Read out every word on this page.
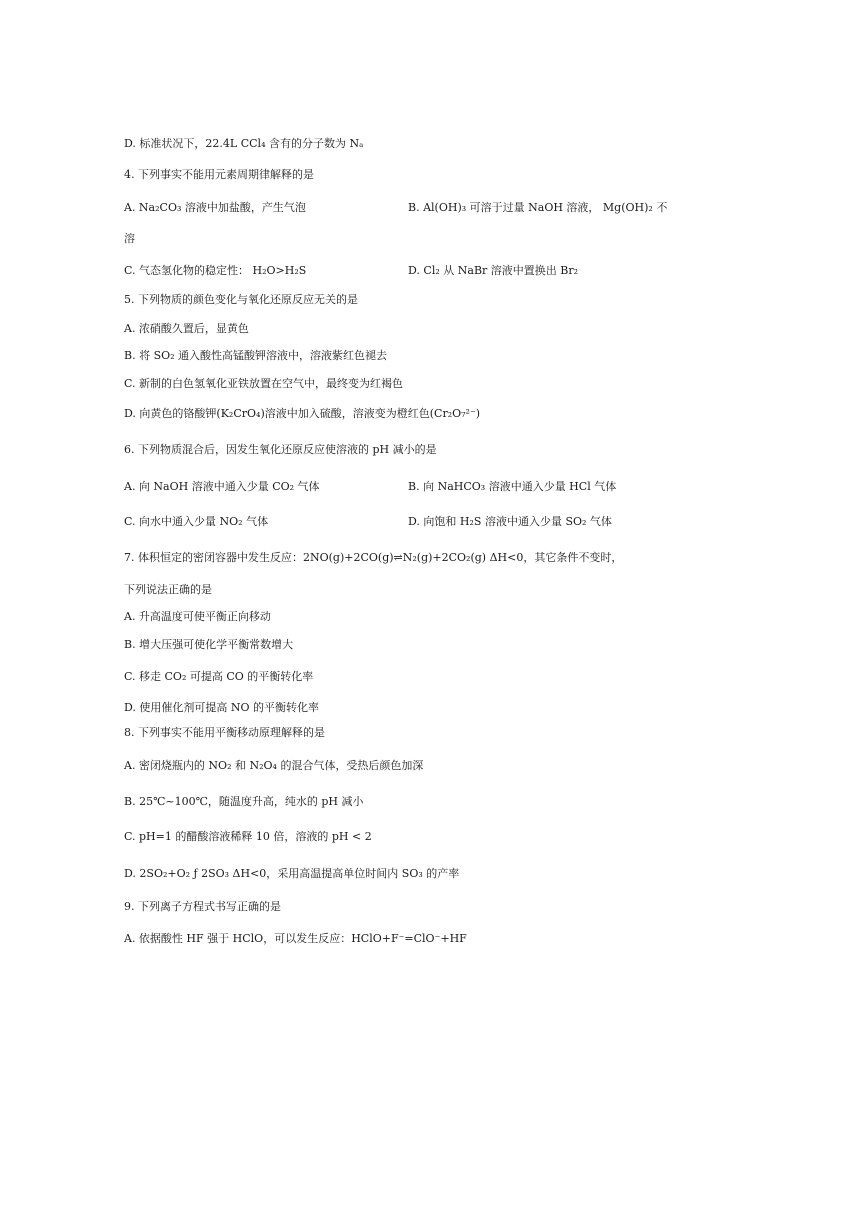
D. 标准状况下，22.4L CCl₄ 含有的分子数为 Nₐ
4. 下列事实不能用元素周期律解释的是
A. Na₂CO₃ 溶液中加盐酸，产生气泡	B. Al(OH)₃ 可溶于过量 NaOH 溶液， Mg(OH)₂ 不
溶
C. 气态氢化物的稳定性： H₂O>H₂S	D. Cl₂ 从 NaBr 溶液中置换出 Br₂
5. 下列物质的颜色变化与氧化还原反应无关的是
A. 浓硝酸久置后，显黄色
B. 将 SO₂ 通入酸性高锰酸钾溶液中，溶液紫红色褪去
C. 新制的白色氢氧化亚铁放置在空气中，最终变为红褐色
D. 向黄色的铬酸钾(K₂CrO₄)溶液中加入硫酸，溶液变为橙红色(Cr₂O₇²⁻)
6. 下列物质混合后，因发生氧化还原反应使溶液的 pH 减小的是
A. 向 NaOH 溶液中通入少量 CO₂ 气体	B. 向 NaHCO₃ 溶液中通入少量 HCl 气体
C. 向水中通入少量 NO₂ 气体	D. 向饱和 H₂S 溶液中通入少量 SO₂ 气体
7. 体积恒定的密闭容器中发生反应：2NO(g)+2CO(g)⇌N₂(g)+2CO₂(g) ΔH<0，其它条件不变时，
下列说法正确的是
A. 升高温度可使平衡正向移动
B. 增大压强可使化学平衡常数增大
C. 移走 CO₂ 可提高 CO 的平衡转化率
D. 使用催化剂可提高 NO 的平衡转化率
8. 下列事实不能用平衡移动原理解释的是
A. 密闭烧瓶内的 NO₂ 和 N₂O₄ 的混合气体，受热后颜色加深
B. 25℃~100℃，随温度升高，纯水的 pH 减小
C. pH=1 的醋酸溶液稀释 10 倍，溶液的 pH < 2
D. 2SO₂+O₂ ƒ 2SO₃ ΔH<0，采用高温提高单位时间内 SO₃ 的产率
9. 下列离子方程式书写正确的是
A. 依据酸性 HF 强于 HClO，可以发生反应：HClO+F⁻=ClO⁻+HF
